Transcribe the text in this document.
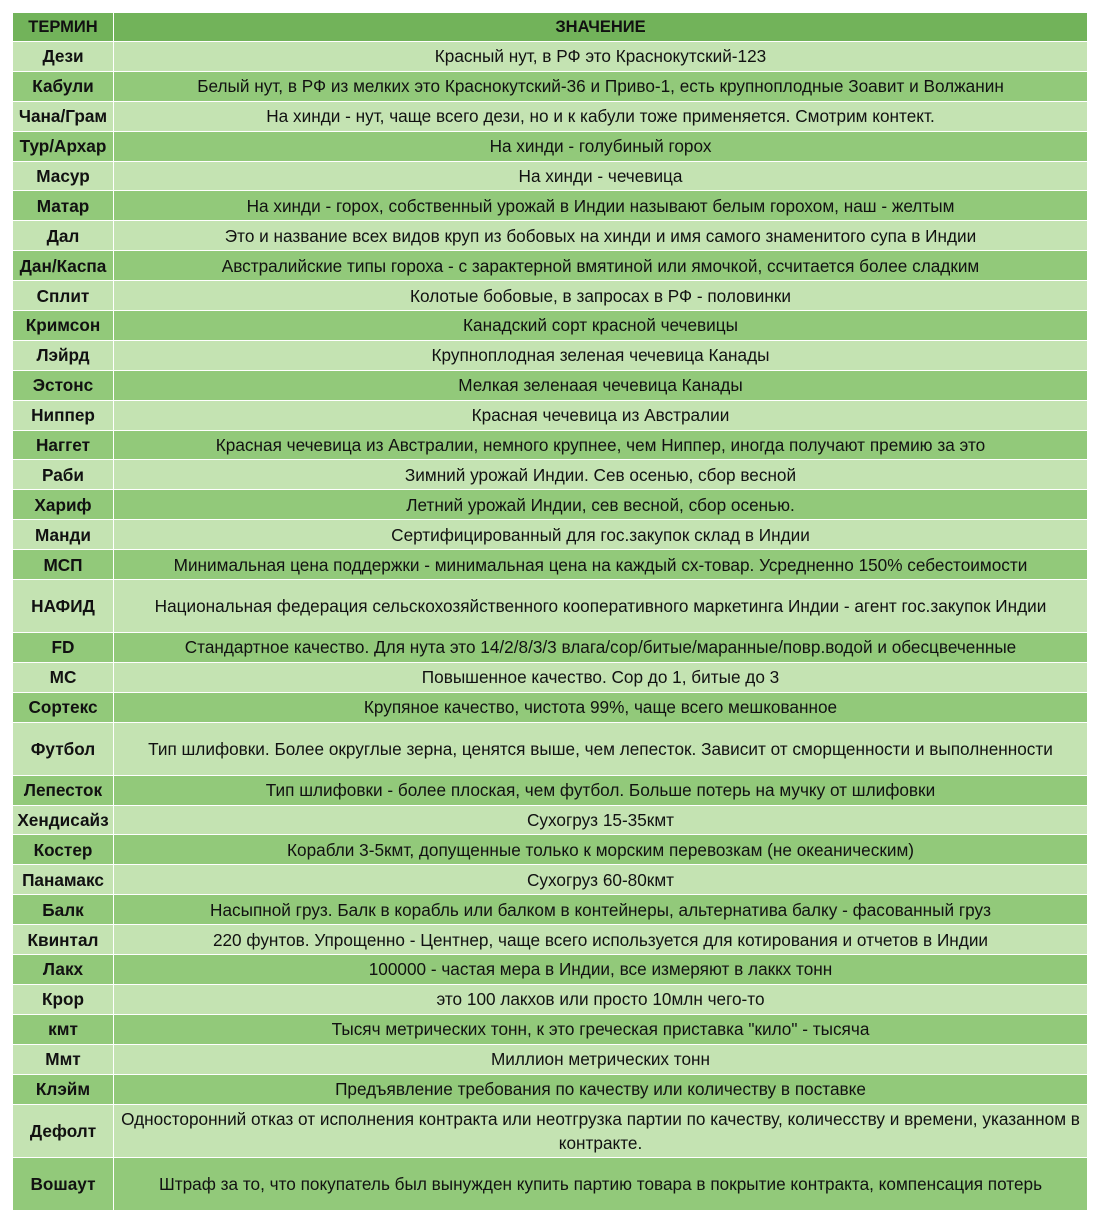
ТЕРМИН	ЗНАЧЕНИЕ
Дези	Красный нут, в РФ это Краснокутский-123
Кабули	Белый нут, в РФ из мелких это Краснокутский-36 и Приво-1, есть крупноплодные Зоавит и Волжанин
Чана/Грам	На хинди - нут, чаще всего дези, но и к кабули тоже применяется. Смотрим контект.
Тур/Архар	На хинди - голубиный горох
Масур	На хинди - чечевица
Матар	На хинди - горох, собственный урожай в Индии называют белым горохом, наш - желтым
Дал	Это и название всех видов круп из бобовых на хинди и имя самого знаменитого супа в Индии
Дан/Каспа	Австралийские типы гороха - с зарактерной вмятиной или ямочкой, ссчитается более сладким
Сплит	Колотые бобовые, в запросах в РФ - половинки
Кримсон	Канадский сорт красной чечевицы
Лэйрд	Крупноплодная зеленая чечевица Канады
Эстонс	Мелкая зеленаая чечевица Канады
Ниппер	Красная чечевица из Австралии
Наггет	Красная чечевица из Австралии, немного крупнее, чем Ниппер, иногда получают премию за это
Раби	Зимний урожай Индии. Сев осенью, сбор весной
Хариф	Летний урожай Индии, сев весной, сбор осенью.
Манди	Сертифицированный для гос.закупок склад в Индии
МСП	Минимальная цена поддержки - минимальная цена на каждый сх-товар. Усредненно 150% себестоимости
НАФИД	Национальная федерация сельскохозяйственного кооперативного маркетинга Индии - агент гос.закупок Индии
FD	Стандартное качество. Для нута это 14/2/8/3/3 влага/сор/битые/маранные/повр.водой и обесцвеченные
МС	Повышенное качество. Сор до 1, битые до 3
Сортекс	Крупяное качество, чистота 99%, чаще всего мешкованное
Футбол	Тип шлифовки. Более округлые зерна, ценятся выше, чем лепесток. Зависит от сморщенности и выполненности
Лепесток	Тип шлифовки - более плоская, чем футбол. Больше потерь на мучку от шлифовки
Хендисайз	Сухогруз 15-35кмт
Костер	Корабли 3-5кмт, допущенные только к морским перевозкам (не океаническим)
Панамакс	Сухогруз 60-80кмт
Балк	Насыпной груз. Балк в корабль или балком в контейнеры, альтернатива балку - фасованный груз
Квинтал	220 фунтов. Упрощенно - Центнер, чаще всего используется для котирования и отчетов в Индии
Лакх	100000 - частая мера в Индии, все измеряют в лаккх тонн
Крор	это 100 лакхов или просто 10млн чего-то
кмт	Тысяч метрических тонн, к это греческая приставка "кило" - тысяча
Ммт	Миллион метрических тонн
Клэйм	Предъявление требования по качеству или количеству в поставке
Дефолт	Односторонний отказ от исполнения контракта или неотгрузка партии по качеству, количесству и времени, указанном в контракте.
Вошаут	Штраф за то, что покупатель был вынужден купить партию товара в покрытие контракта, компенсация потерь
